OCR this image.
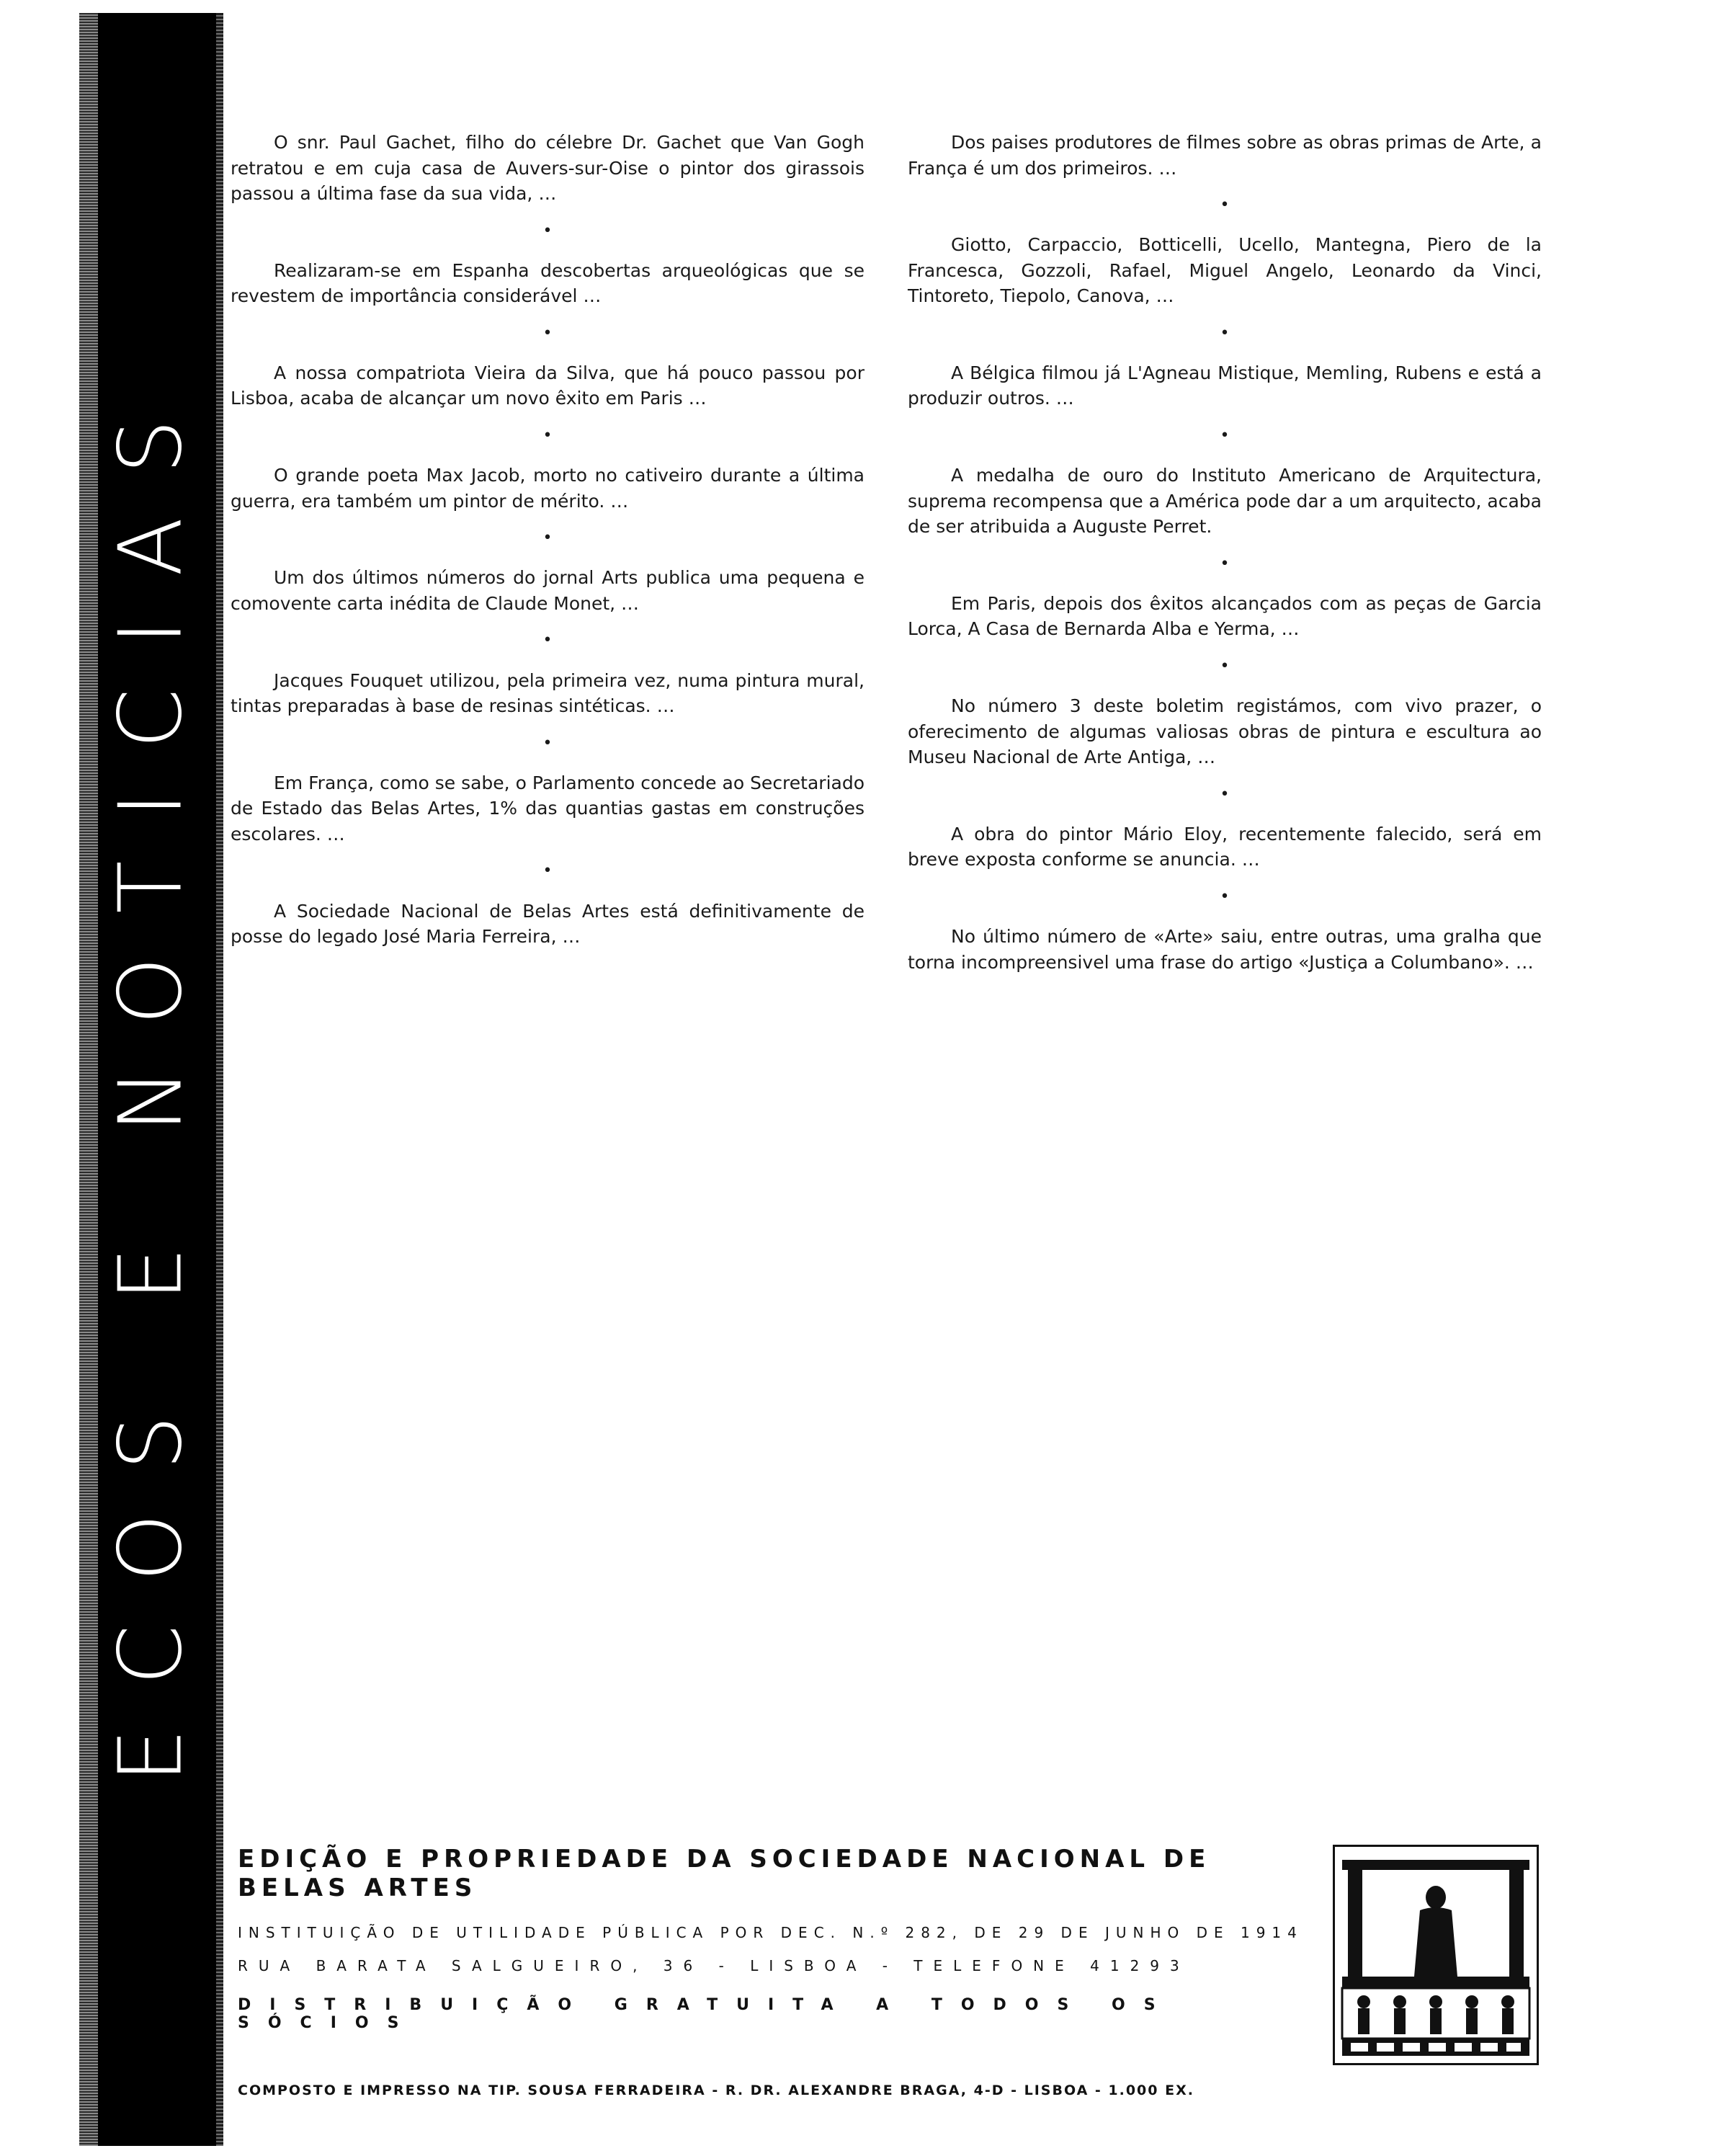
ECOS E NOTICIAS

O snr. Paul Gachet, filho do célebre Dr. Gachet que Van Gogh retratou e em cuja casa de Auvers-sur-Oise o pintor dos girassois passou a última fase da sua vida, …

•

Realizaram-se em Espanha descobertas arqueológicas que se revestem de importância considerável …

•

A nossa compatriota Vieira da Silva, que há pouco passou por Lisboa, acaba de alcançar um novo êxito em Paris …

•

O grande poeta Max Jacob, morto no cativeiro durante a última guerra, era também um pintor de mérito. …

•

Um dos últimos números do jornal Arts publica uma pequena e comovente carta inédita de Claude Monet, …

•

Jacques Fouquet utilizou, pela primeira vez, numa pintura mural, tintas preparadas à base de resinas sintéticas. …

•

Em França, como se sabe, o Parlamento concede ao Secretariado de Estado das Belas Artes, 1% das quantias gastas em construções escolares. …

•

A Sociedade Nacional de Belas Artes está definitivamente de posse do legado José Maria Ferreira, …

Dos paises produtores de filmes sobre as obras primas de Arte, a França é um dos primeiros. …

•

Giotto, Carpaccio, Botticelli, Ucello, Mantegna, Piero de la Francesca, Gozzoli, Rafael, Miguel Angelo, Leonardo da Vinci, Tintoreto, Tiepolo, Canova, …

•

A Bélgica filmou já L'Agneau Mistique, Memling, Rubens e está a produzir outros. …

•

A medalha de ouro do Instituto Americano de Arquitectura, suprema recompensa que a América pode dar a um arquitecto, acaba de ser atribuida a Auguste Perret.

•

Em Paris, depois dos êxitos alcançados com as peças de Garcia Lorca, A Casa de Bernarda Alba e Yerma, …

•

No número 3 deste boletim registámos, com vivo prazer, o oferecimento de algumas valiosas obras de pintura e escultura ao Museu Nacional de Arte Antiga, …

•

A obra do pintor Mário Eloy, recentemente falecido, será em breve exposta conforme se anuncia. …

•

No último número de «Arte» saiu, entre outras, uma gralha que torna incompreensivel uma frase do artigo «Justiça a Columbano». …

EDIÇÃO E PROPRIEDADE DA SOCIEDADE NACIONAL DE BELAS ARTES
INSTITUIÇÃO DE UTILIDADE PÚBLICA POR DEC. N.º 282, DE 29 DE JUNHO DE 1914
RUA BARATA SALGUEIRO, 36 - LISBOA - TELEFONE 41293
DISTRIBUIÇÃO GRATUITA A TODOS OS SÓCIOS
COMPOSTO E IMPRESSO NA TIP. SOUSA FERRADEIRA - R. DR. ALEXANDRE BRAGA, 4-D - LISBOA - 1.000 EX.
